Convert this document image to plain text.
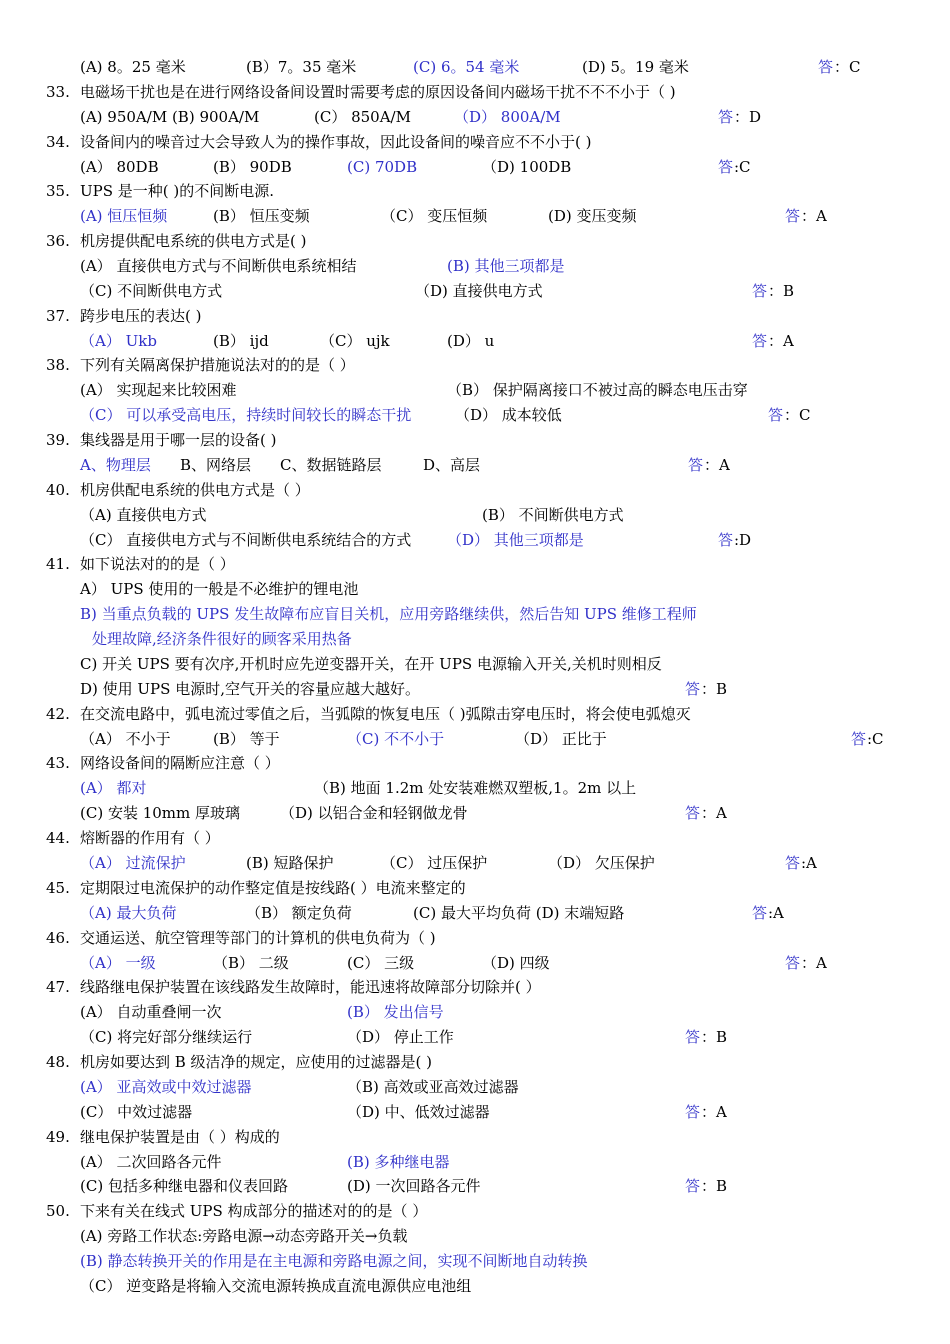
(A) 8。25 毫米	(B）7。35 毫米	(C) 6。54 毫米	(D) 5。19 毫米	答 ：C
33. 电磁场干扰也是在进行网络设备间设置时需要考虑的原因设备间内磁场干扰不不不小于（ )
(A) 950A/M (B) 900A/M	(C） 850A/M	（D） 800A/M	答 ：D
34. 设备间内的噪音过大会导致人为的操作事故，因此设备间的噪音应不不小于( )
(A） 80DB	(B） 90DB	(C) 70DB	（D) 100DB	答 :C
35. UPS 是一种( )的不间断电源.
(A) 恒压恒频	(B） 恒压变频	（C） 变压恒频	(D) 变压变频	答 ：A
36. 机房提供配电系统的供电方式是( )
(A） 直接供电方式与不间断供电系统相结	(B) 其他三项都是
（C) 不间断供电方式	（D) 直接供电方式	答 ：B
37. 跨步电压的表达( )
（A） Ukb	(B） ijd	（C） ujk	(D） u	答 ：A
38. 下列有关隔离保护措施说法对的的是（ ）
(A） 实现起来比较困难	（B） 保护隔离接口不被过高的瞬态电压击穿
（C） 可以承受高电压，持续时间较长的瞬态干扰	（D） 成本较低	答 ：C
39. 集线器是用于哪一层的设备( )
A、物理层 B、网络层 C、数据链路层	D、高层	答 ：A
40. 机房供配电系统的供电方式是（ ）
（A) 直接供电方式	(B） 不间断供电方式
（C） 直接供电方式与不间断供电系统结合的方式 （D） 其他三项都是	答 :D
41. 如下说法对的的是（ ）
A） UPS 使用的一般是不必维护的锂电池
B) 当重点负载的 UPS 发生故障布应盲目关机，应用旁路继续供，然后告知 UPS 维修工程师
处理故障,经济条件很好的顾客采用热备
C) 开关 UPS 要有次序,开机时应先逆变器开关，在开 UPS 电源输入开关,关机时则相反
D) 使用 UPS 电源时,空气开关的容量应越大越好。	答 ：B
42. 在交流电路中，弧电流过零值之后，当弧隙的恢复电压（ )弧隙击穿电压时，将会使电弧熄灭
（A） 不小于	(B） 等于	（C) 不不小于	（D） 正比于	答 :C
43. 网络设备间的隔断应注意（ ）
(A） 都对	（B) 地面 1.2m 处安装难燃双塑板,1。2m 以上
(C) 安装 10mm 厚玻璃	（D) 以铝合金和轻钢做龙骨	答 ：A
44. 熔断器的作用有（ ）
（A） 过流保护	(B) 短路保护	（C） 过压保护	（D） 欠压保护	答 :A
45. 定期限过电流保护的动作整定值是按线路( ）电流来整定的
（A) 最大负荷	（B） 额定负荷	(C) 最大平均负荷 (D) 末端短路	答 :A
46. 交通运送、航空管理等部门的计算机的供电负荷为（ )
（A） 一级	（B） 二级	(C） 三级	（D) 四级	答 ：A
47. 线路继电保护装置在该线路发生故障时，能迅速将故障部分切除并( ）
(A） 自动重叠闸一次	(B） 发出信号
（C) 将完好部分继续运行	（D） 停止工作	答 ：B
48. 机房如要达到 B 级洁净的规定，应使用的过滤器是( )
(A） 亚高效或中效过滤器	（B) 高效或亚高效过滤器
(C） 中效过滤器	（D) 中、低效过滤器	答 ：A
49. 继电保护装置是由（ ）构成的
(A） 二次回路各元件	(B) 多种继电器
(C) 包括多种继电器和仪表回路	(D) 一次回路各元件	答 ：B
50. 下来有关在线式 UPS 构成部分的描述对的的是（ ）
(A) 旁路工作状态:旁路电源→动态旁路开关→负载
(B) 静态转换开关的作用是在主电源和旁路电源之间，实现不间断地自动转换
（C） 逆变路是将输入交流电源转换成直流电源供应电池组
